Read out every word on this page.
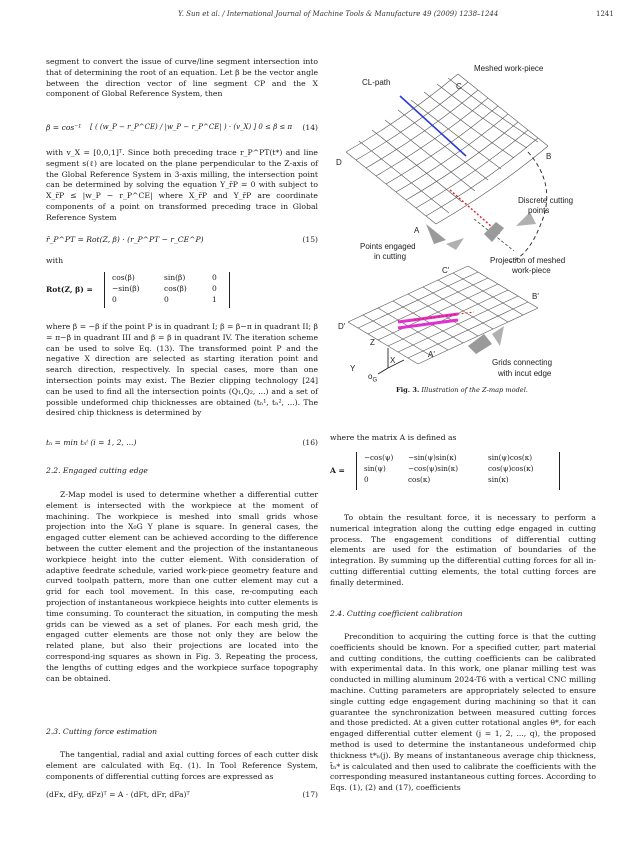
Y. Sun et al. / International Journal of Machine Tools & Manufacture 49 (2009) 1238–1244	1241

segment to convert the issue of curve/line segment intersection into that of determining the root of an equation. Let β be the vector angle between the direction vector of line segment CP and the X component of Global Reference System, then

β = cos⁻¹ [ ( (w_P − r_P^CE) / |w_P − r_P^CE| ) · (v_X) ] 0 ≤ β ≤ π (14)

with v_X = [0,0,1]ᵀ. Since both preceding trace r_P^PT(t*) and line segment s(ℓ) are located on the plane perpendicular to the Z-axis of the Global Reference System in 3-axis milling, the intersection point can be determined by solving the equation Y_r̄P = 0 with subject to X_r̄P ≤ |w_P − r_P^CE| where X_r̄P and Y_r̄P are coordinate components of a point on transformed preceding trace in Global Reference System

r̄_P^PT = Rot(Z, β) · (r_P^PT − r_CE^P)	(15)
with
Rot(Z, β) =
cos(β)	sin(β)	0
−sin(β)	cos(β)	0
0	0	1

where β = −β if the point P is in quadrant I; β = β−π in quadrant II; β = π−β in quadrant III and β = β in quadrant IV. The iteration scheme can be used to solve Eq. (13). The transformed point P and the negative X direction are selected as starting iteration point and search direction, respectively. In special cases, more than one intersection points may exist. The Bezier clipping technology [24] can be used to find all the intersection points (Q₁,Q₂, ...) and a set of possible undeformed chip thicknesses are obtained (tₙ¹, tₙ², ...). The desired chip thickness is determined by

tₙ = min tₙⁱ (i = 1, 2, ...)	(16)
2.2. Engaged cutting edge

Z-Map model is used to determine whether a differential cutter element is intersected with the workpiece at the moment of machining. The workpiece is meshed into small grids whose projection into the X₀G Y plane is square. In general cases, the engaged cutter element can be achieved according to the difference between the cutter element and the projection of the instantaneous workpiece height into the cutter element. With consideration of adaptive feedrate schedule, varied work-piece geometry feature and curved toolpath pattern, more than one cutter element may cut a grid for each tool movement. In this case, re-computing each projection of instantaneous workpiece heights into cutter elements is time consuming. To counteract the situation, in computing the mesh grids can be viewed as a set of planes. For each mesh grid, the engaged cutter elements are those not only they are below the related plane, but also their projections are located into the correspond-ing squares as shown in Fig. 3. Repeating the process, the lengths of cutting edges and the workpiece surface topography can be obtained.

2.3. Cutting force estimation

The tangential, radial and axial cutting forces of each cutter disk element are calculated with Eq. (1). In Tool Reference System, components of differential cutting forces are expressed as

(dFx, dFy, dFz)ᵀ = A · (dFt, dFr, dFa)ᵀ	(17)
Meshed work-piece
CL-path	C
B
D
A
Discrete cutting
points
Points engaged
in cutting	Projection of meshed
work-piece
C'
B'
D'
A'
Z
X
Y
$o_G$
Grids connecting
with incut edge
Fig. 3. Illustration of the Z-map model.
where the matrix A is defined as
A =
−cos(ψ)	−sin(ψ)sin(κ)	sin(ψ)cos(κ)
sin(ψ)	−cos(ψ)sin(κ)	cos(ψ)cos(κ)
0	cos(κ)	sin(κ)

To obtain the resultant force, it is necessary to perform a numerical integration along the cutting edge engaged in cutting process. The engagement conditions of differential cutting elements are used for the estimation of boundaries of the integration. By summing up the differential cutting forces for all in-cutting differential cutting elements, the total cutting forces are finally determined.

2.4. Cutting coefficient calibration

Precondition to acquiring the cutting force is that the cutting coefficients should be known. For a specified cutter, part material and cutting conditions, the cutting coefficients can be calibrated with experimental data. In this work, one planar milling test was conducted in milling aluminum 2024-T6 with a vertical CNC milling machine. Cutting parameters are appropriately selected to ensure single cutting edge engagement during machining so that it can guarantee the synchronization between measured cutting forces and those predicted. At a given cutter rotational angles θ*, for each engaged differential cutter element (j = 1, 2, ..., q), the proposed method is used to determine the instantaneous undeformed chip thickness t*ₙ(j). By means of instantaneous average chip thickness, t̄ₙ* is calculated and then used to calibrate the coefficients with the corresponding measured instantaneous cutting forces. According to Eqs. (1), (2) and (17), coefficients
